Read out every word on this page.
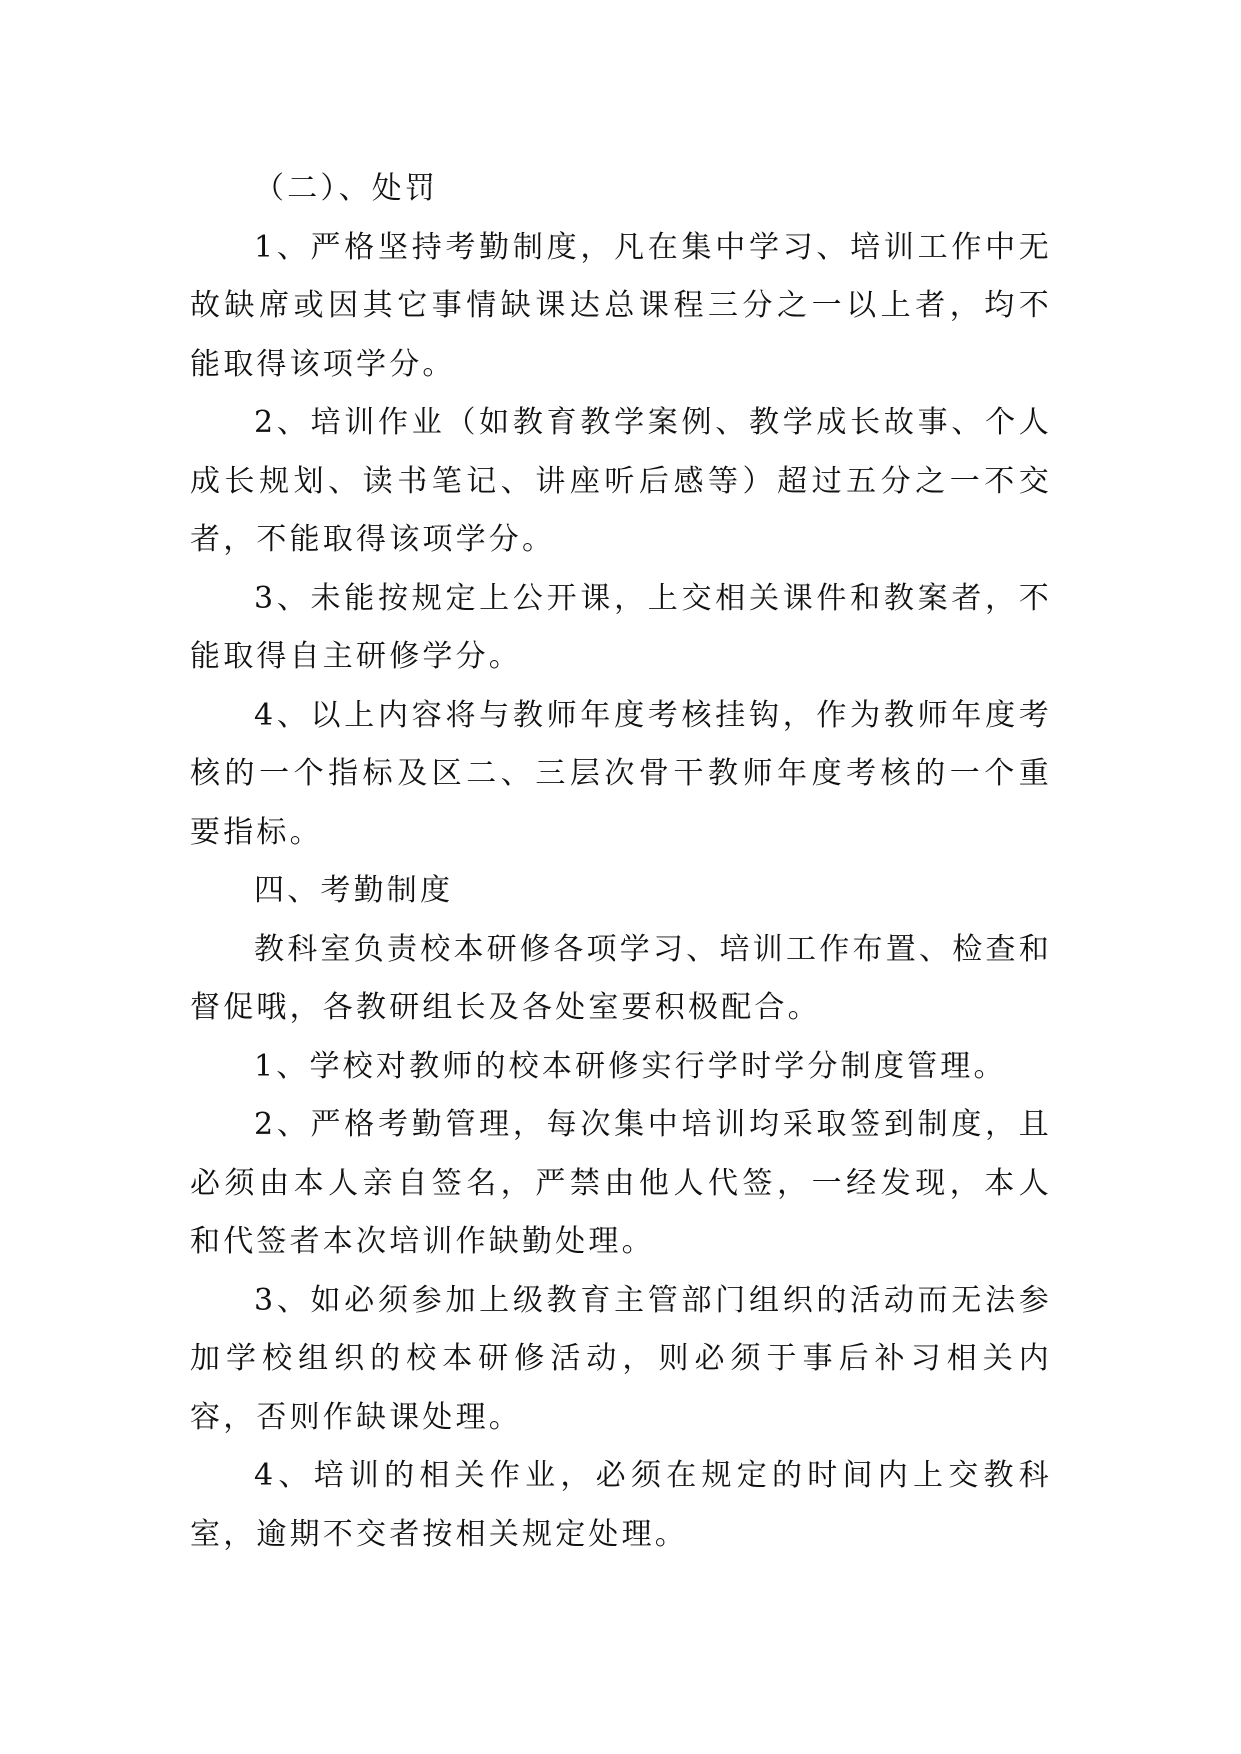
（二）、处罚

1、严格坚持考勤制度，凡在集中学习、培训工作中无故缺席或因其它事情缺课达总课程三分之一以上者，均不能取得该项学分。

2、培训作业（如教育教学案例、教学成长故事、个人成长规划、读书笔记、讲座听后感等）超过五分之一不交者，不能取得该项学分。

3、未能按规定上公开课，上交相关课件和教案者，不能取得自主研修学分。

4、以上内容将与教师年度考核挂钩，作为教师年度考核的一个指标及区二、三层次骨干教师年度考核的一个重要指标。

四、考勤制度

教科室负责校本研修各项学习、培训工作布置、检查和督促哦，各教研组长及各处室要积极配合。

1、学校对教师的校本研修实行学时学分制度管理。

2、严格考勤管理，每次集中培训均采取签到制度，且必须由本人亲自签名，严禁由他人代签，一经发现，本人和代签者本次培训作缺勤处理。

3、如必须参加上级教育主管部门组织的活动而无法参加学校组织的校本研修活动，则必须于事后补习相关内容，否则作缺课处理。

4、培训的相关作业，必须在规定的时间内上交教科室，逾期不交者按相关规定处理。
